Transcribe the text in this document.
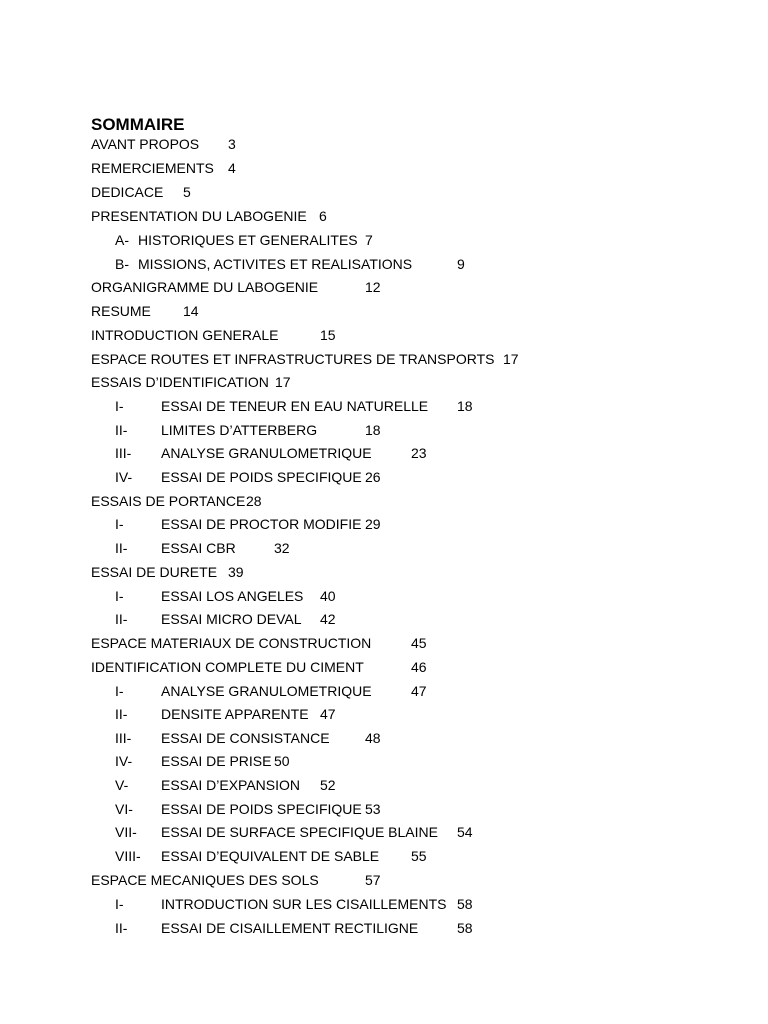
SOMMAIRE
AVANT PROPOS 3
REMERCIEMENTS 4
DEDICACE 5
PRESENTATION DU LABOGENIE 6
A- HISTORIQUES ET GENERALITES 7
B- MISSIONS, ACTIVITES ET REALISATIONS	9
ORGANIGRAMME DU LABOGENIE	12
RESUME 14
INTRODUCTION GENERALE	15
ESPACE ROUTES ET INFRASTRUCTURES DE TRANSPORTS 17
ESSAIS D’IDENTIFICATION 17
I-	ESSAI DE TENEUR EN EAU NATURELLE 18
II- LIMITES D’ATTERBERG	18
III- ANALYSE GRANULOMETRIQUE	23
IV- ESSAI DE POIDS SPECIFIQUE 26
ESSAIS DE PORTANCE 28
I-	ESSAI DE PROCTOR MODIFIE 29
II- ESSAI CBR	32
ESSAI DE DURETE 39
I-	ESSAI LOS ANGELES 40
II- ESSAI MICRO DEVAL 42
ESPACE MATERIAUX DE CONSTRUCTION	45
IDENTIFICATION COMPLETE DU CIMENT	46
I-	ANALYSE GRANULOMETRIQUE	47
II- DENSITE APPARENTE 47
III- ESSAI DE CONSISTANCE	48
IV- ESSAI DE PRISE 50
V- ESSAI D’EXPANSION 52
VI- ESSAI DE POIDS SPECIFIQUE 53
VII- ESSAI DE SURFACE SPECIFIQUE BLAINE 54
VIII- ESSAI D’EQUIVALENT DE SABLE 55
ESPACE MECANIQUES DES SOLS	57
I-	INTRODUCTION SUR LES CISAILLEMENTS 58
II- ESSAI DE CISAILLEMENT RECTILIGNE	58
